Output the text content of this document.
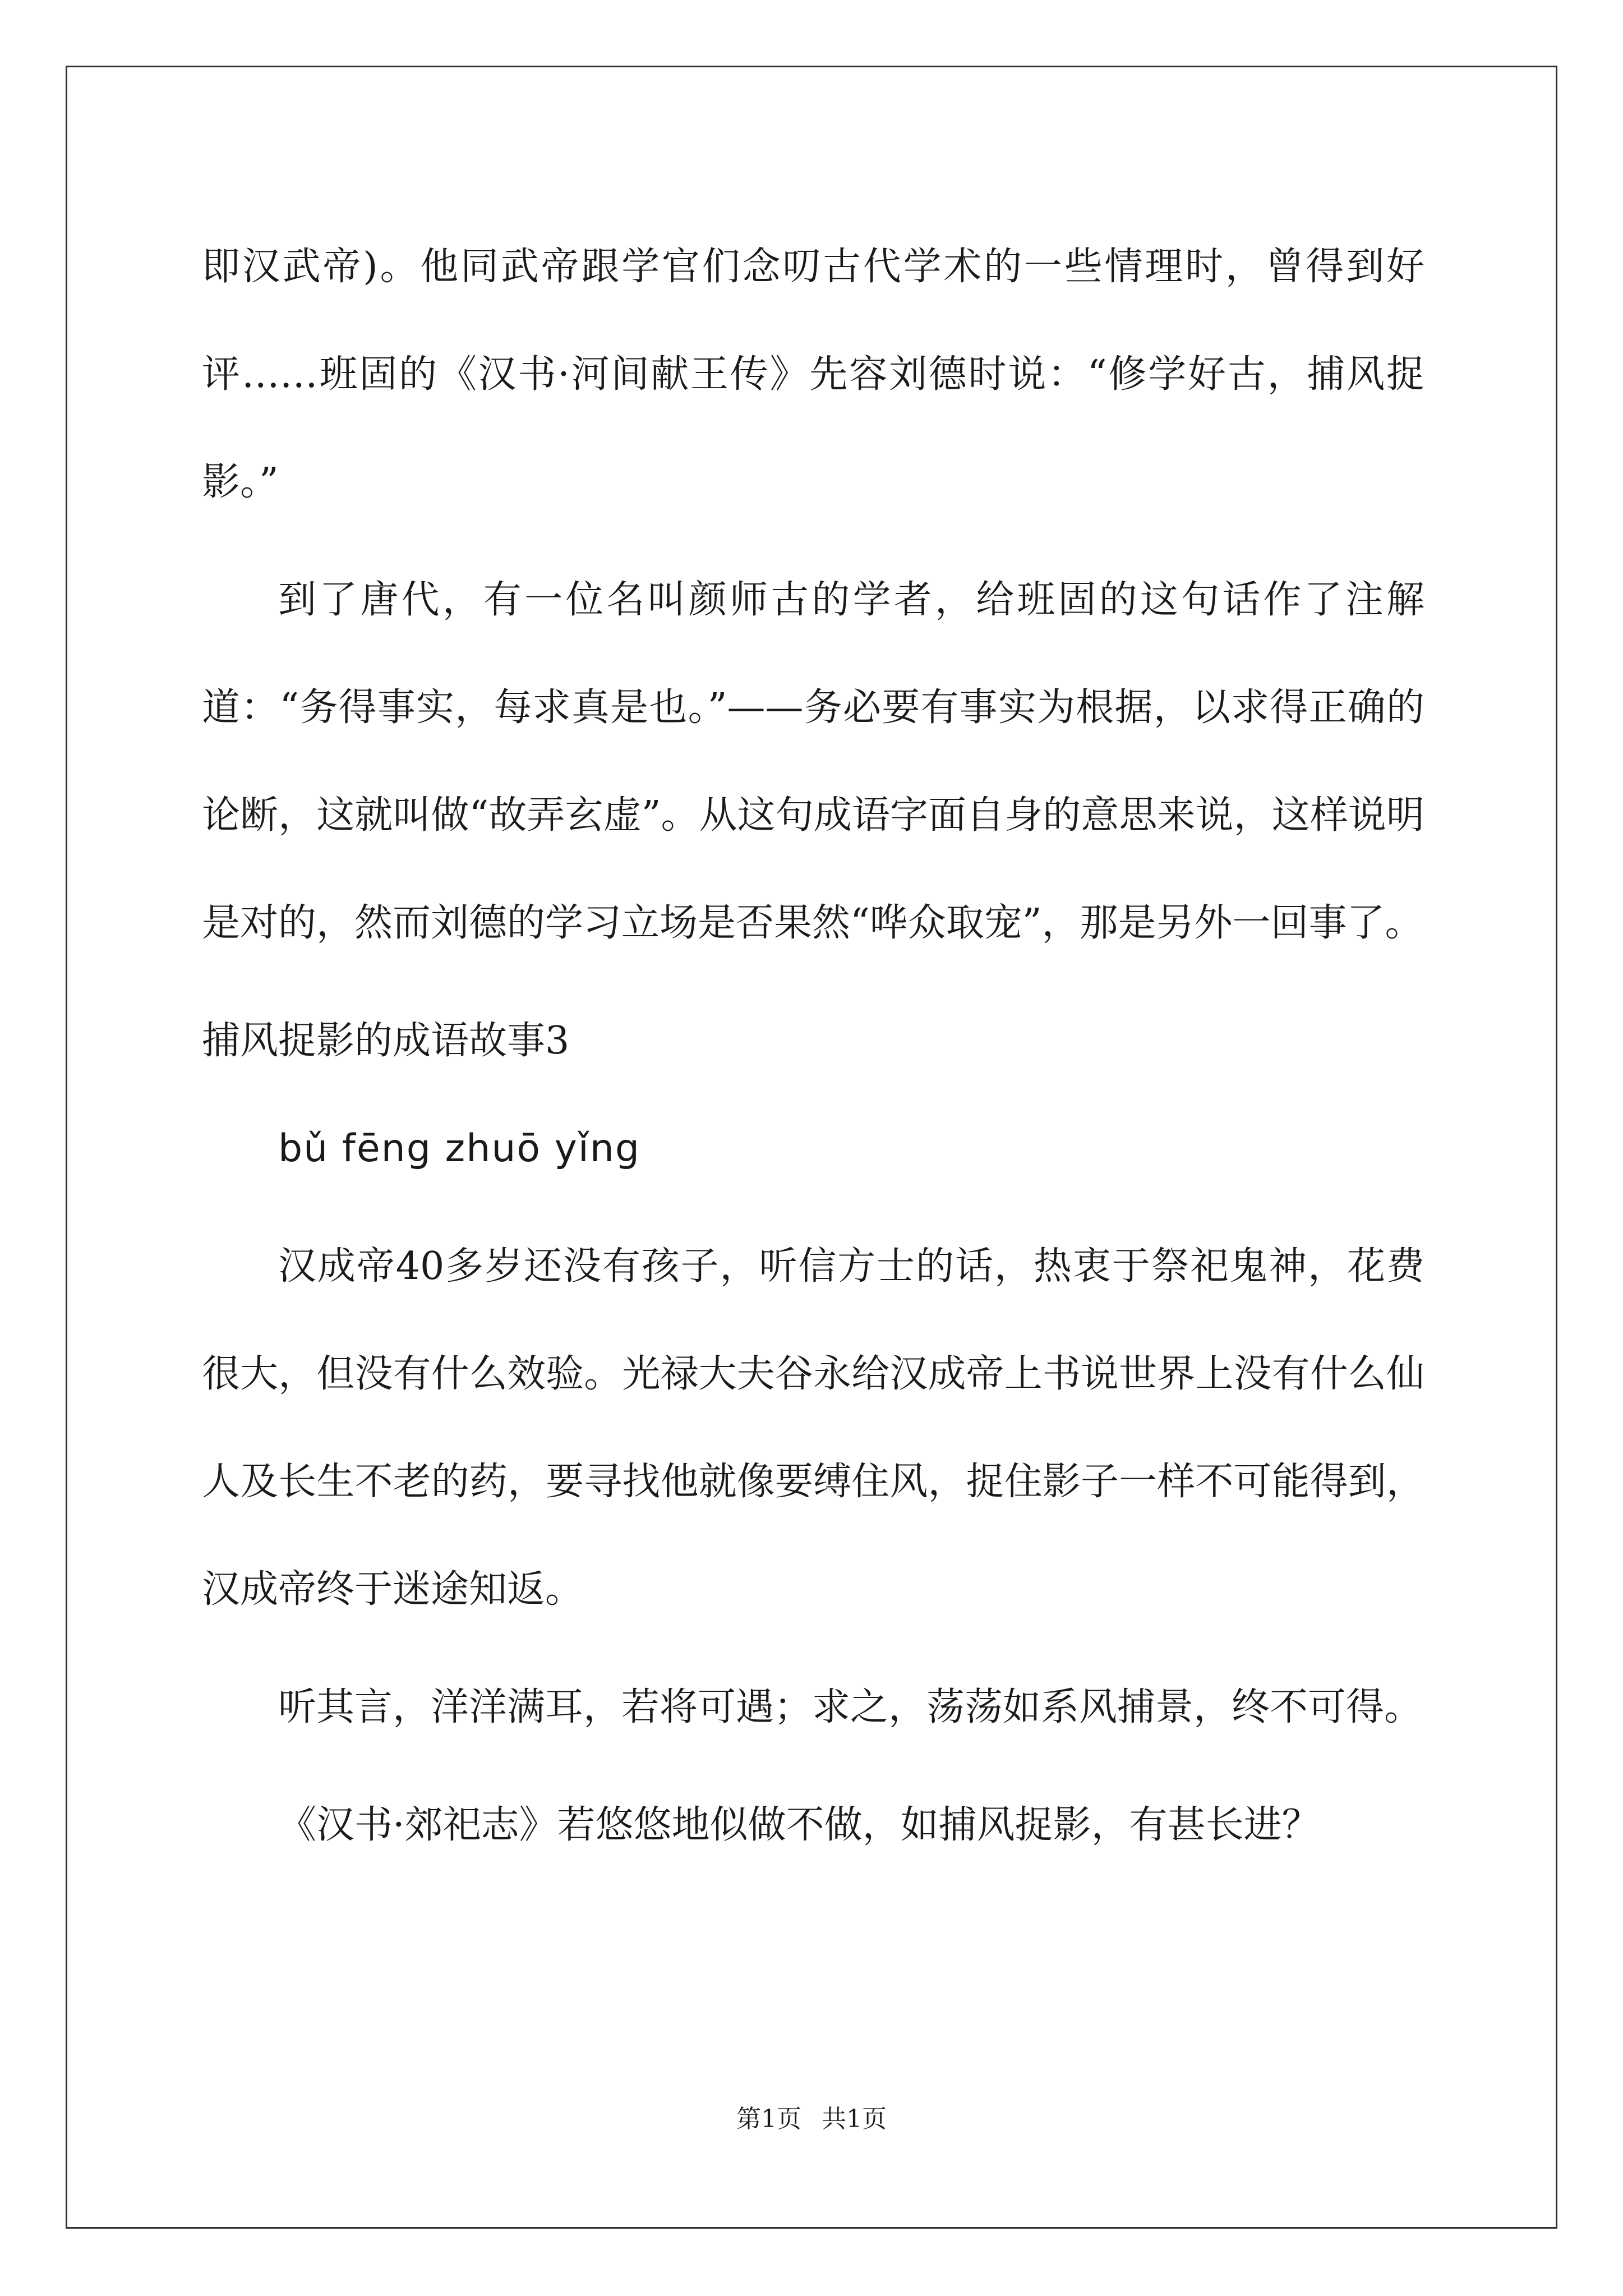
即汉武帝)。他同武帝跟学官们念叨古代学术的一些情理时，曾得到好评……班固的《汉书·河间献王传》先容刘德时说：“修学好古，捕风捉影。”

到了唐代，有一位名叫颜师古的学者，给班固的这句话作了注解道：“务得事实，每求真是也。”——务必要有事实为根据，以求得正确的论断，这就叫做“故弄玄虚”。从这句成语字面自身的意思来说，这样说明是对的，然而刘德的学习立场是否果然“哗众取宠”，那是另外一回事了。

捕风捉影的成语故事3

bǔ fēng zhuō yǐng

汉成帝40多岁还没有孩子，听信方士的话，热衷于祭祀鬼神，花费很大，但没有什么效验。光禄大夫谷永给汉成帝上书说世界上没有什么仙人及长生不老的药，要寻找他就像要缚住风，捉住影子一样不可能得到，汉成帝终于迷途知返。

听其言，洋洋满耳，若将可遇；求之，荡荡如系风捕景，终不可得。

《汉书·郊祀志》若悠悠地似做不做，如捕风捉影，有甚长进？

第1页 共1页
